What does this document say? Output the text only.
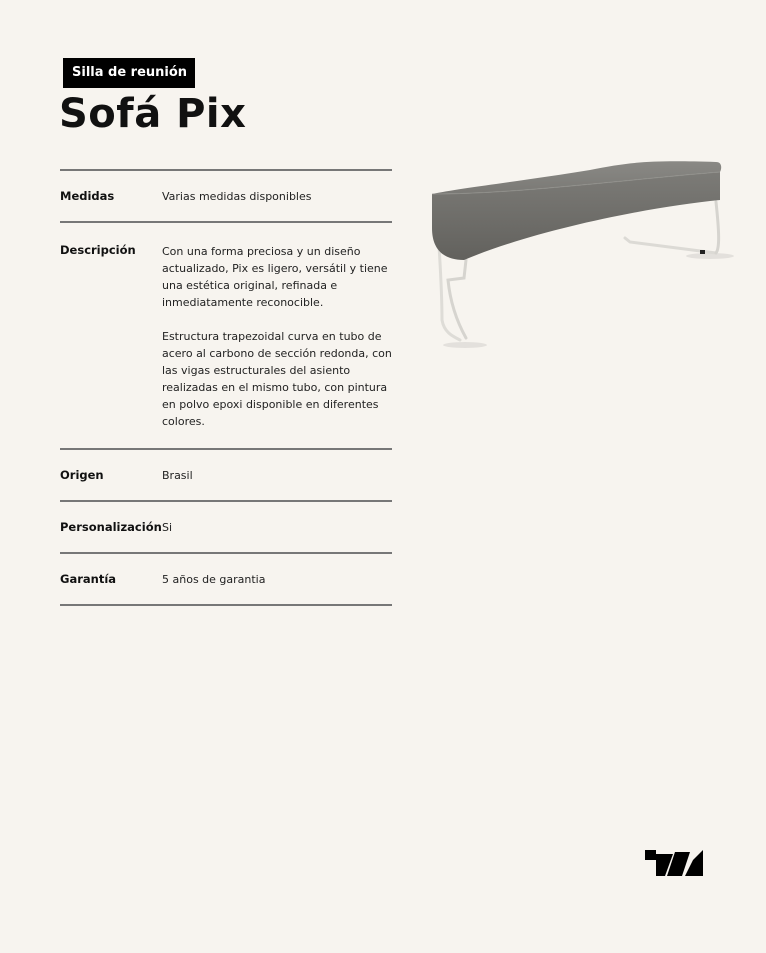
Silla de reunión
Sofá Pix
Medidas	Varias medidas disponibles
Descripción	Con una forma preciosa y un diseño actualizado, Pix es ligero, versátil y tiene una estética original, refinada e inmediatamente reconocible.

Estructura trapezoidal curva en tubo de acero al carbono de sección redonda, con las vigas estructurales del asiento realizadas en el mismo tubo, con pintura en polvo epoxi disponible en diferentes colores.

Origen	Brasil
Personalización Si
Garantía	5 años de garantia
